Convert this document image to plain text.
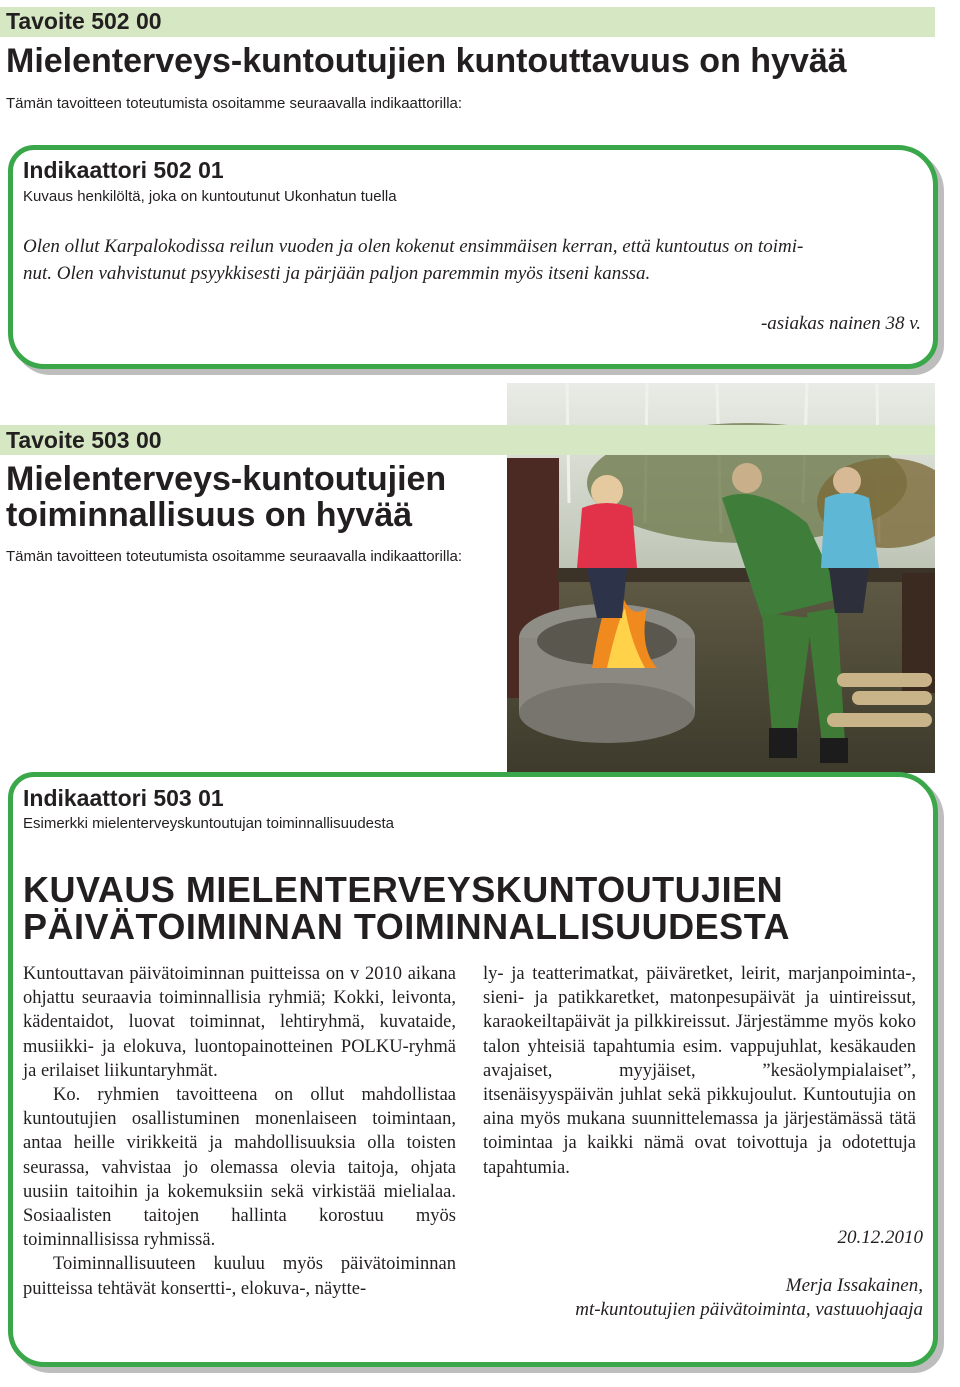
Tavoite 502 00
Mielenterveys-kuntoutujien kuntouttavuus on hyvää
Tämän tavoitteen toteutumista osoitamme seuraavalla indikaattorilla:
Indikaattori 502 01
Kuvaus henkilöltä, joka on kuntoutunut Ukonhatun tuella
Olen ollut Karpalokodissa reilun vuoden ja olen kokenut ensimmäisen kerran, että kuntoutus on toimi-
nut. Olen vahvistunut psyykkisesti ja pärjään paljon paremmin myös itseni kanssa.
-asiakas nainen 38 v.
Tavoite 503 00
Mielenterveys-kuntoutujien
toiminnallisuus on hyvää
Tämän tavoitteen toteutumista osoitamme seuraavalla indikaattorilla:
Indikaattori 503 01
Esimerkki mielenterveyskuntoutujan toiminnallisuudesta
KUVAUS MIELENTERVEYSKUNTOUTUJIEN
PÄIVÄTOIMINNAN TOIMINNALLISUUDESTA

Kuntouttavan päivätoiminnan puitteissa on v 2010 aikana ohjattu seuraavia toiminnallisia ryhmiä; Kokki, leivonta, kädentaidot, luovat toiminnat, lehtiryhmä, kuvataide, musiikki- ja elokuva, luontopainotteinen POLKU-ryhmä ja erilaiset liikuntaryhmät.

Ko. ryhmien tavoitteena on ollut mahdollistaa kuntoutujien osallistuminen monenlaiseen toimintaan, antaa heille virikkeitä ja mahdollisuuksia olla toisten seurassa, vahvistaa jo olemassa olevia taitoja, ohjata uusiin taitoihin ja kokemuksiin sekä virkistää mielialaa. Sosiaalisten taitojen hallinta korostuu myös toiminnallisissa ryhmissä.

Toiminnallisuuteen kuuluu myös päivätoiminnan puitteissa tehtävät konsertti-, elokuva-, näytte-

ly- ja teatterimatkat, päiväretket, leirit, marjanpoiminta-, sieni- ja patikkaretket, matonpesupäivät ja uintireissut, karaokeiltapäivät ja pilkkireissut. Järjestämme myös koko talon yhteisiä tapahtumia esim. vappujuhlat, kesäkauden avajaiset, myyjäiset, ”kesäolympialaiset”, itsenäisyyspäivän juhlat sekä pikkujoulut. Kuntoutujia on aina myös mukana suunnittelemassa ja järjestämässä tätä toimintaa ja kaikki nämä ovat toivottuja ja odotettuja tapahtumia.

20.12.2010
Merja Issakainen,
mt-kuntoutujien päivätoiminta, vastuuohjaaja
